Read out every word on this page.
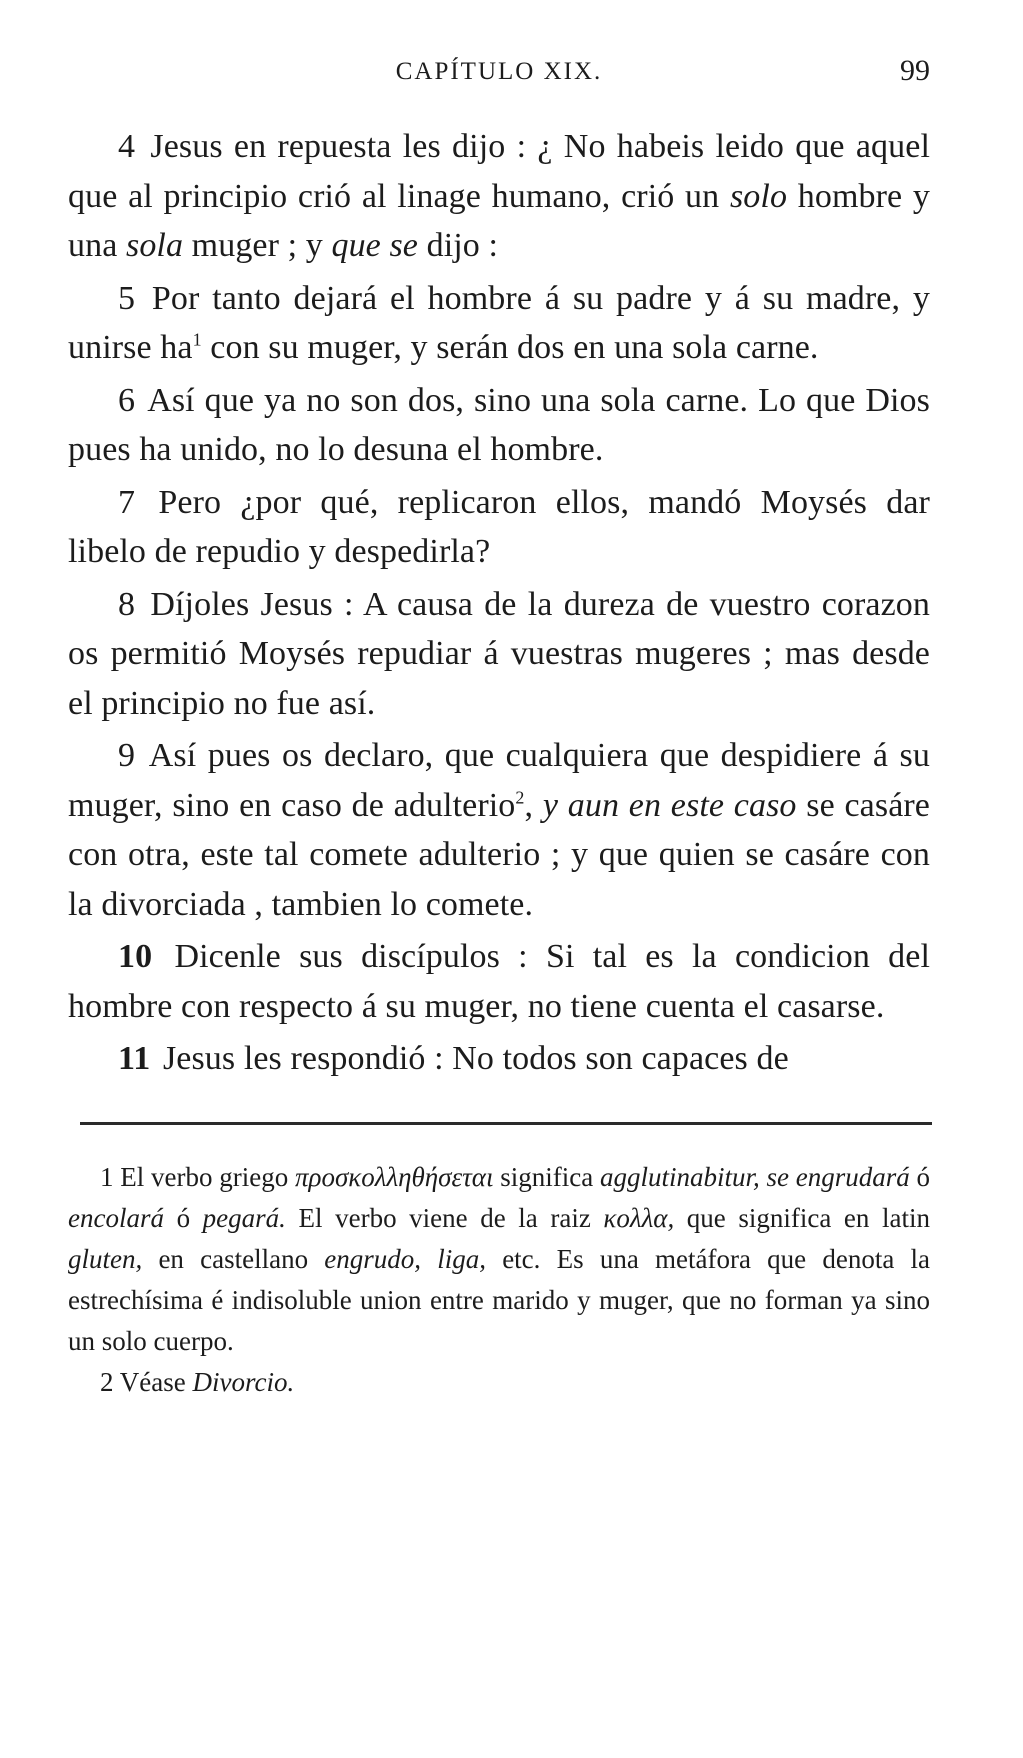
CAPÍTULO XIX.	99

4 Jesus en repuesta les dijo : ¿ No habeis leido que aquel que al principio crió al linage humano, crió un solo hombre y una sola muger ; y que se dijo :

5 Por tanto dejará el hombre á su padre y á su madre, y unirse ha$^1$ con su muger, y serán dos en una sola carne.

6 Así que ya no son dos, sino una sola carne. Lo que Dios pues ha unido, no lo desuna el hombre.

7 Pero ¿por qué, replicaron ellos, mandó Moysés dar libelo de repudio y despedirla?

8 Díjoles Jesus : A causa de la dureza de vuestro corazon os permitió Moysés repudiar á vuestras mugeres ; mas desde el principio no fue así.

9 Así pues os declaro, que cualquiera que despidiere á su muger, sino en caso de adulterio$^2$, y aun en este caso se casáre con otra, este tal comete adulterio ; y que quien se casáre con la divorciada , tambien lo comete.

10 Dicenle sus discípulos : Si tal es la condicion del hombre con respecto á su muger, no tiene cuenta el casarse.

11 Jesus les respondió : No todos son capaces de

1 El verbo griego προσκολληθήσεται significa agglutinabitur, se engrudará ó encolará ó pegará. El verbo viene de la raiz κολλα, que significa en latin gluten, en castellano engrudo, liga, etc. Es una metáfora que denota la estrechísima é indisoluble union entre marido y muger, que no forman ya sino un solo cuerpo.

2 Véase Divorcio.
